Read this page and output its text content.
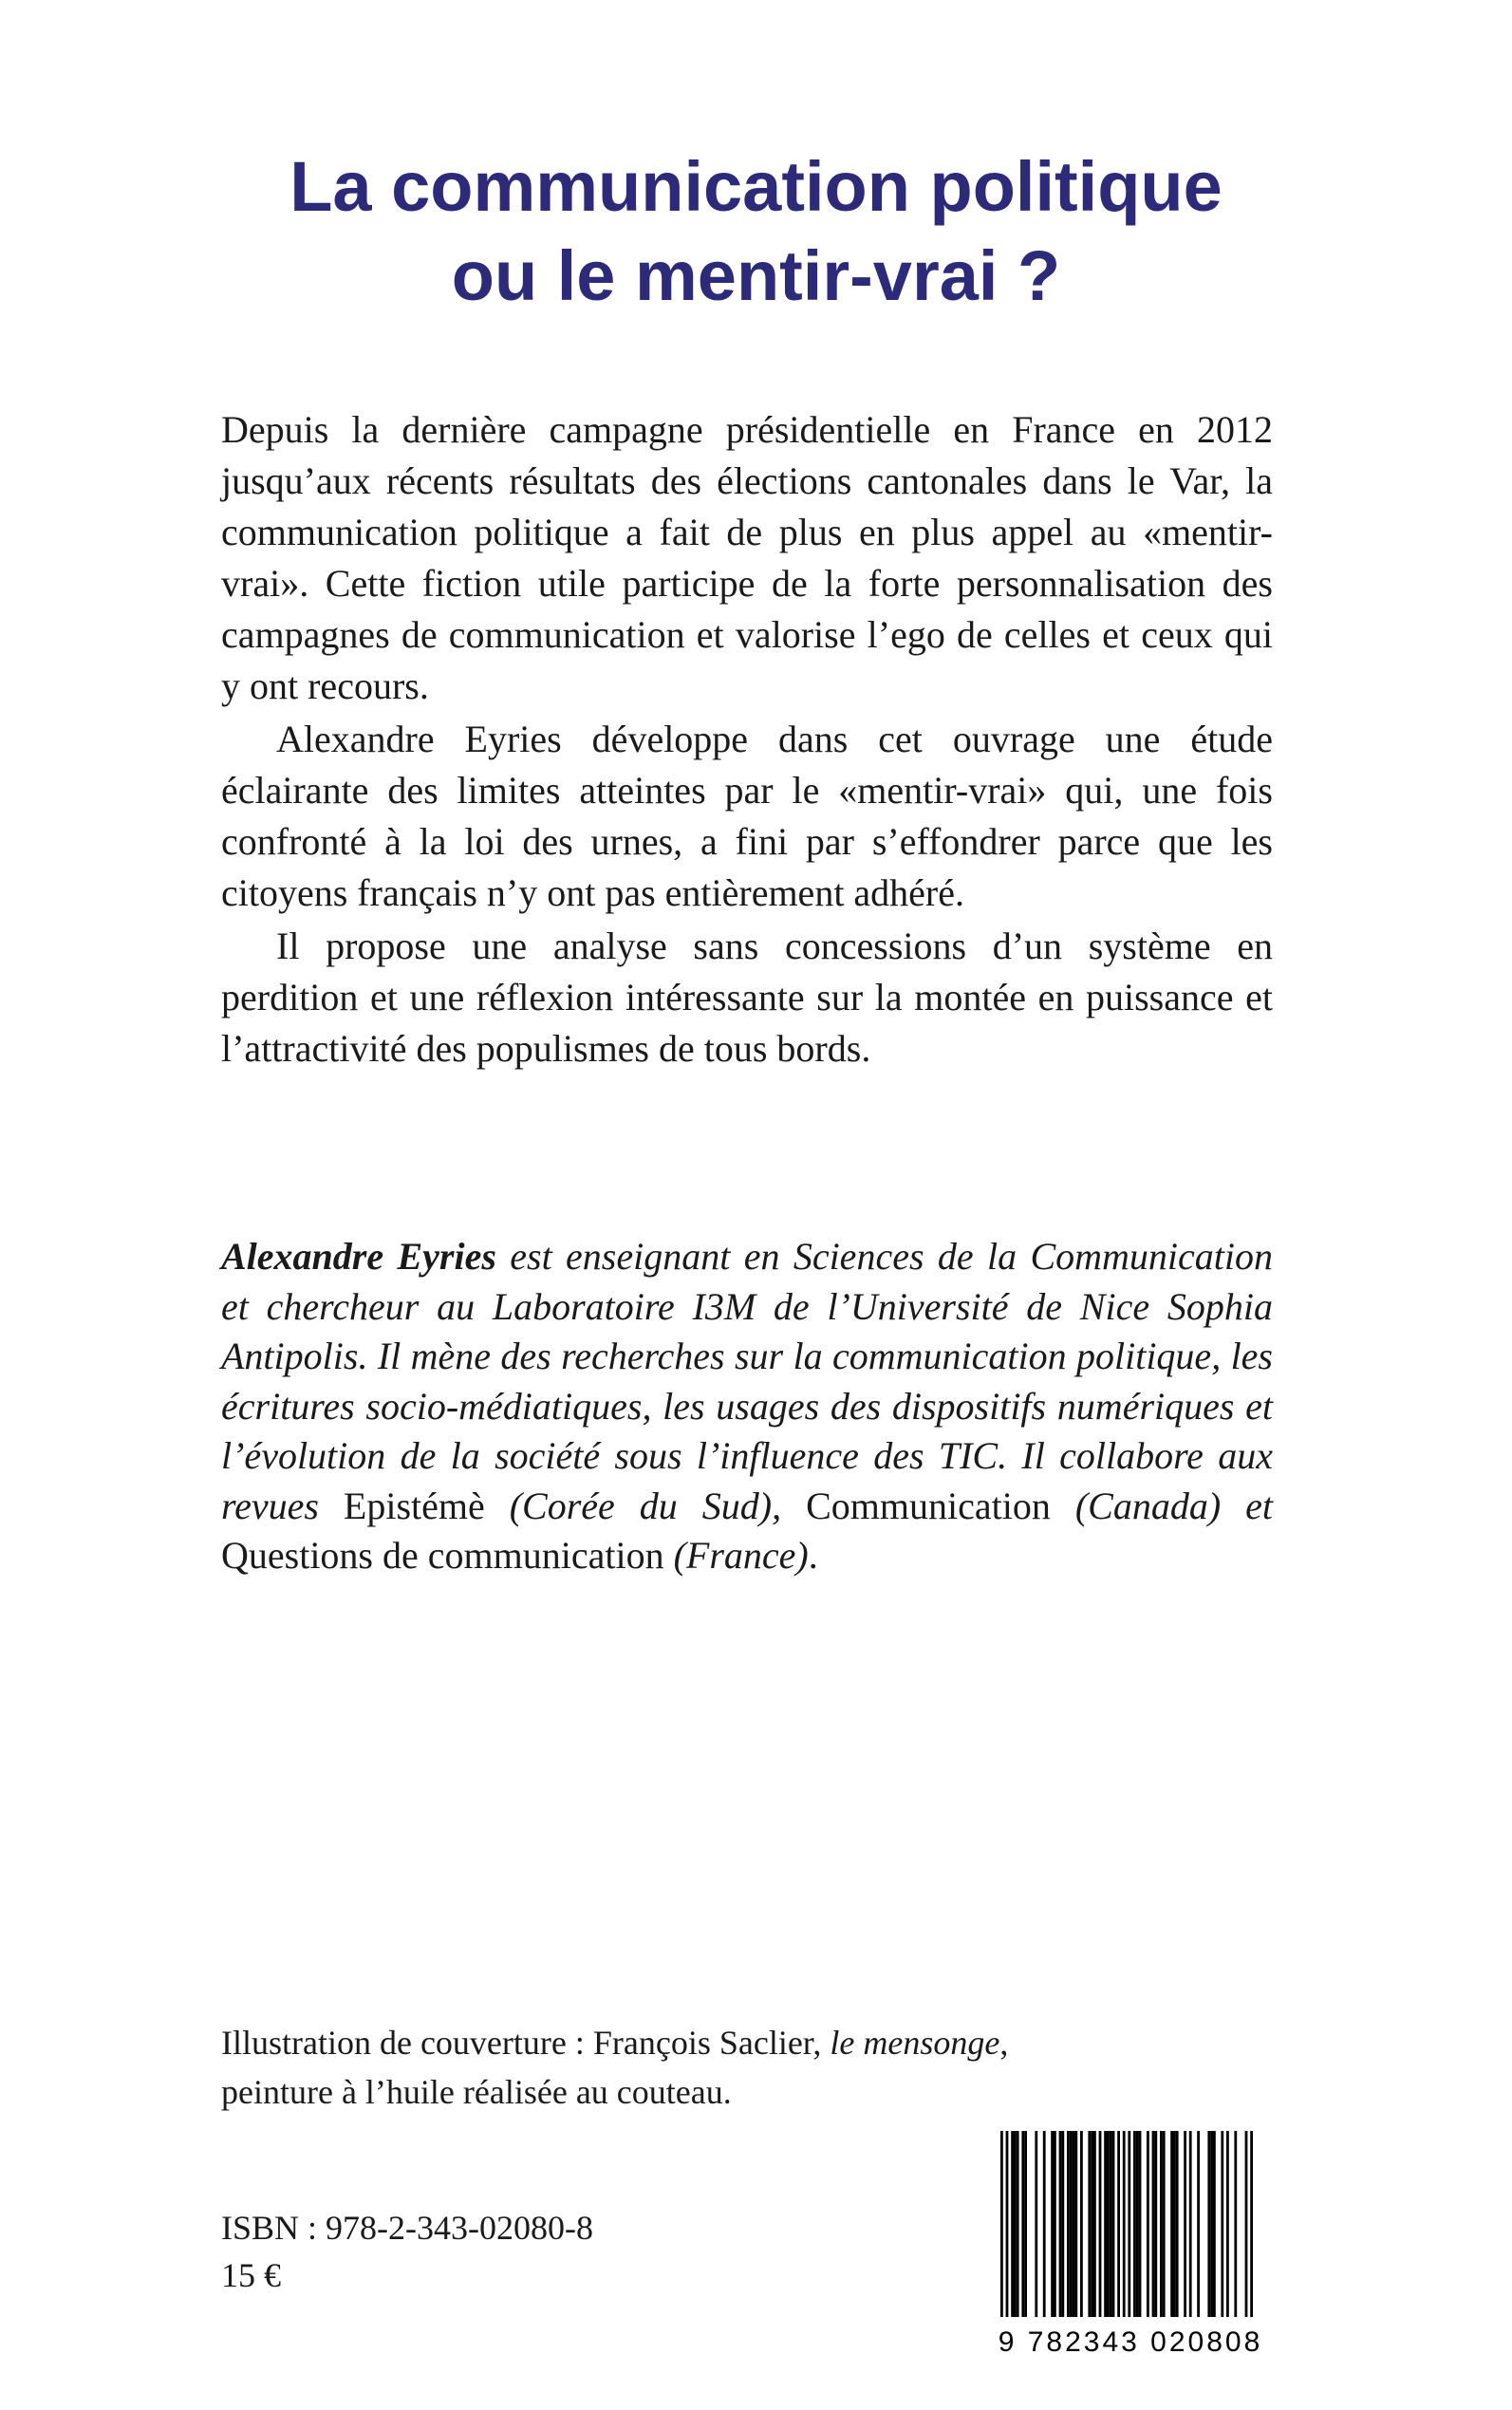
La communication politique
ou le mentir-vrai ?

Depuis la dernière campagne présidentielle en France en 2012 jusqu’aux récents résultats des élections cantonales dans le Var, la communication politique a fait de plus en plus appel au «mentir-vrai». Cette fiction utile participe de la forte personnalisation des campagnes de communication et valorise l’ego de celles et ceux qui y ont recours.

Alexandre Eyries développe dans cet ouvrage une étude éclairante des limites atteintes par le «mentir-vrai» qui, une fois confronté à la loi des urnes, a fini par s’effondrer parce que les citoyens français n’y ont pas entièrement adhéré.

Il propose une analyse sans concessions d’un système en perdition et une réflexion intéressante sur la montée en puissance et l’attractivité des populismes de tous bords.

Alexandre Eyries est enseignant en Sciences de la Communication et chercheur au Laboratoire I3M de l’Université de Nice Sophia Antipolis. Il mène des recherches sur la communication politique, les écritures socio-médiatiques, les usages des dispositifs numériques et l’évolution de la société sous l’influence des TIC. Il collabore aux revues Epistémè (Corée du Sud), Communication (Canada) et Questions de communication (France).

Illustration de couverture : François Saclier, le mensonge,
peinture à l’huile réalisée au couteau.

ISBN : 978-2-343-02080-8
15 €

9 782343 020808
